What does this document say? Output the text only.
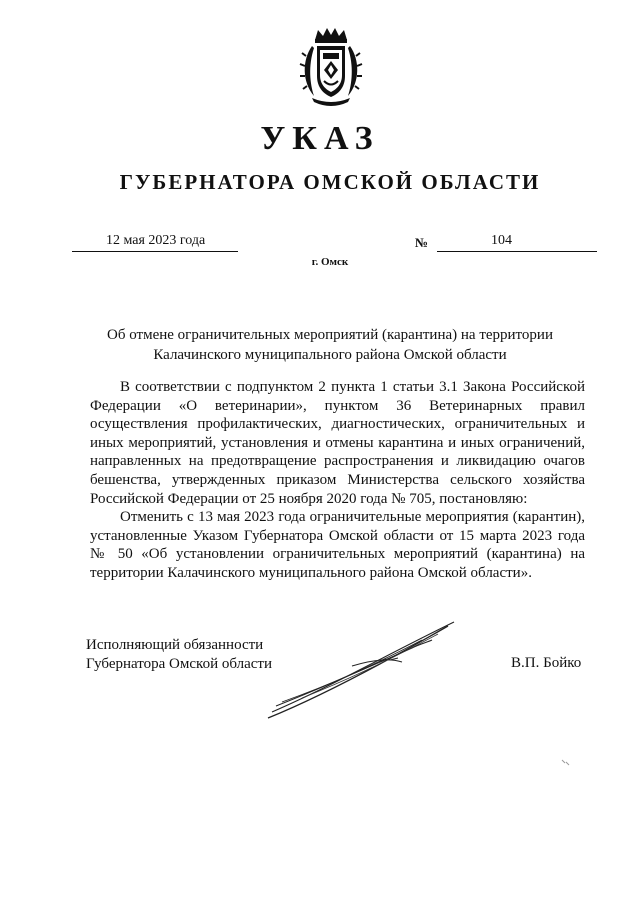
УКАЗ
ГУБЕРНАТОРА ОМСКОЙ ОБЛАСТИ
12 мая 2023 года	№	104
г. Омск
Об отмене ограничительных мероприятий (карантина) на территории
Калачинского муниципального района Омской области

В соответствии с подпунктом 2 пункта 1 статьи 3.1 Закона Российской Федерации «О ветеринарии», пунктом 36 Ветеринарных правил осуществления профилактических, диагностических, ограничительных и иных мероприятий, установления и отмены карантина и иных ограничений, направленных на предотвращение распространения и ликвидацию очагов бешенства, утвержденных приказом Министерства сельского хозяйства Российской Федерации от 25 ноября 2020 года № 705, постановляю:

Отменить с 13 мая 2023 года ограничительные мероприятия (карантин), установленные Указом Губернатора Омской области от 15 марта 2023 года № 50 «Об установлении ограничительных мероприятий (карантина) на территории Калачинского муниципального района Омской области».

Исполняющий обязанности
Губернатора Омской области	В.П. Бойко
